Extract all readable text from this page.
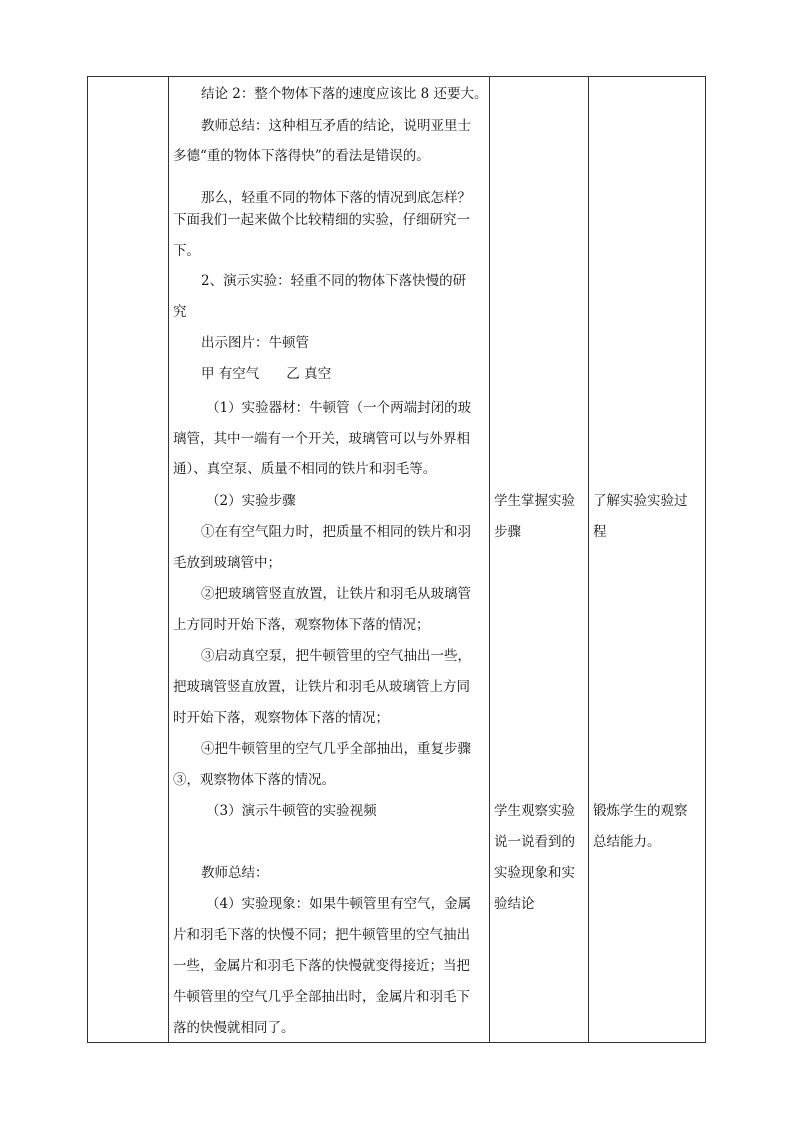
结论 2：整个物体下落的速度应该比 8 还要大。

教师总结：这种相互矛盾的结论，说明亚里士

多德“重的物体下落得快”的看法是错误的。

那么，轻重不同的物体下落的情况到底怎样？

下面我们一起来做个比较精细的实验，仔细研究一

下。

2、演示实验：轻重不同的物体下落快慢的研

究

出示图片：牛顿管

甲 有空气　　乙 真空

（1）实验器材：牛顿管（一个两端封闭的玻

璃管，其中一端有一个开关，玻璃管可以与外界相

通）、真空泵、质量不相同的铁片和羽毛等。

（2）实验步骤

①在有空气阻力时，把质量不相同的铁片和羽

毛放到玻璃管中；

②把玻璃管竖直放置，让铁片和羽毛从玻璃管

上方同时开始下落，观察物体下落的情况；

③启动真空泵，把牛顿管里的空气抽出一些，

把玻璃管竖直放置，让铁片和羽毛从玻璃管上方同

时开始下落，观察物体下落的情况；

④把牛顿管里的空气几乎全部抽出，重复步骤

③，观察物体下落的情况。

（3）演示牛顿管的实验视频

教师总结：

（4）实验现象：如果牛顿管里有空气，金属

片和羽毛下落的快慢不同；把牛顿管里的空气抽出

一些，金属片和羽毛下落的快慢就变得接近；当把

牛顿管里的空气几乎全部抽出时，金属片和羽毛下

落的快慢就相同了。

学生掌握实验

步骤

学生观察实验

说一说看到的

实验现象和实

验结论

了解实验实验过

程

锻炼学生的观察

总结能力。
